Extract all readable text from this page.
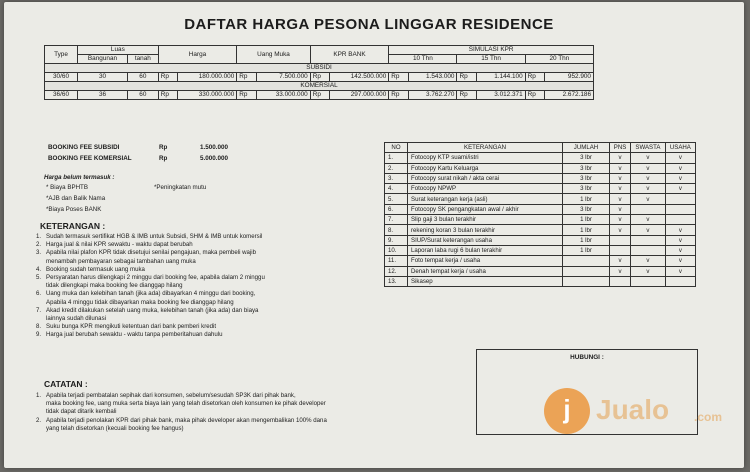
DAFTAR HARGA PESONA LINGGAR RESIDENCE
Type	Luas		Harga		Uang Muka		KPR BANK		SIMULASI KPR					
	Bangunan	tanah							10 Thn		15 Thn		20 Thn	
SUBSIDI														
30/60	30	60	Rp	180.000.000	Rp	7.500.000	Rp	142.500.000	Rp	1.543.000	Rp	1.144.100	Rp	952.900
KOMERSIAL														
36/60	36	60	Rp	330.000.000	Rp	33.000.000	Rp	297.000.000	Rp	3.762.270	Rp	3.012.371	Rp	2.672.186
BOOKING FEE SUBSIDI	Rp	1.500.000
BOOKING FEE KOMERSIAL	Rp	5.000.000
Harga belum termasuk :
* Biaya BPHTB	*Peningkatan mutu
*AJB dan Balik Nama
*Biaya Poses BANK
KETERANGAN :
1. Sudah termasuk sertifikat HGB & IMB untuk Subsidi, SHM & IMB untuk komersil
2. Harga jual & nilai KPR sewaktu - waktu dapat berubah
3. Apabila nilai plafon KPR tidak disetujui senilai pengajuan, maka pembeli wajib
menambah pembayaran sebagai tambahan uang muka
4. Booking sudah termasuk uang muka
5. Persyaratan harus dilengkapi 2 minggu dari booking fee, apabila dalam 2 minggu
tidak dilengkapi maka booking fee dianggap hilang
6. Uang muka dan kelebihan tanah (jika ada) dibayarkan 4 minggu dari booking,
Apabila 4 minggu tidak dibayarkan maka booking fee dianggap hilang
7. Akad kredit dilakukan setelah uang muka, kelebihan tanah (jika ada) dan biaya
lainnya sudah dilunasi
8. Suku bunga KPR mengikuti ketentuan dari bank pemberi kredit
9. Harga jual berubah sewaktu - waktu tanpa pemberitahuan dahulu
CATATAN :
1. Apabila terjadi pembatalan sepihak dari konsumen, sebelum/sesudah SP3K dari pihak bank,
maka booking fee, uang muka serta biaya lain yang telah disetorkan oleh konsumen ke pihak developer
tidak dapat ditarik kembali
2. Apabila terjadi penolakan KPR dari pihak bank, maka pihak developer akan mengembalikan 100% dana
yang telah disetorkan (kecuali booking fee hangus)
NO	KETERANGAN	JUMLAH	PNS	SWASTA	USAHA
1.	Fotocopy KTP suami/istri	3 lbr	v	v	v
2.	Fotocopy Kartu Keluarga	3 lbr	v	v	v
3.	Fotocopy surat nikah / akta cerai	3 lbr	v	v	v
4.	Fotocopy NPWP	3 lbr	v	v	v
5.	Surat keterangan kerja (asli)	1 lbr	v	v	
6.	Fotocopy SK pengangkatan awal / akhir	3 lbr	v		
7.	Slip gaji 3 bulan terakhir	1 lbr	v	v	
8.	rekening koran 3 bulan terakhir	1 lbr	v	v	v
9.	SIUP/Surat keterangan usaha	1 lbr			v
10.	Laporan laba rugi 6 bulan terakhir	1 lbr			v
11.	Foto tempat kerja / usaha		v	v	v
12.	Denah tempat kerja / usaha		v	v	v
13.	Sikasep				
HUBUNGI :
j Jualo .com
